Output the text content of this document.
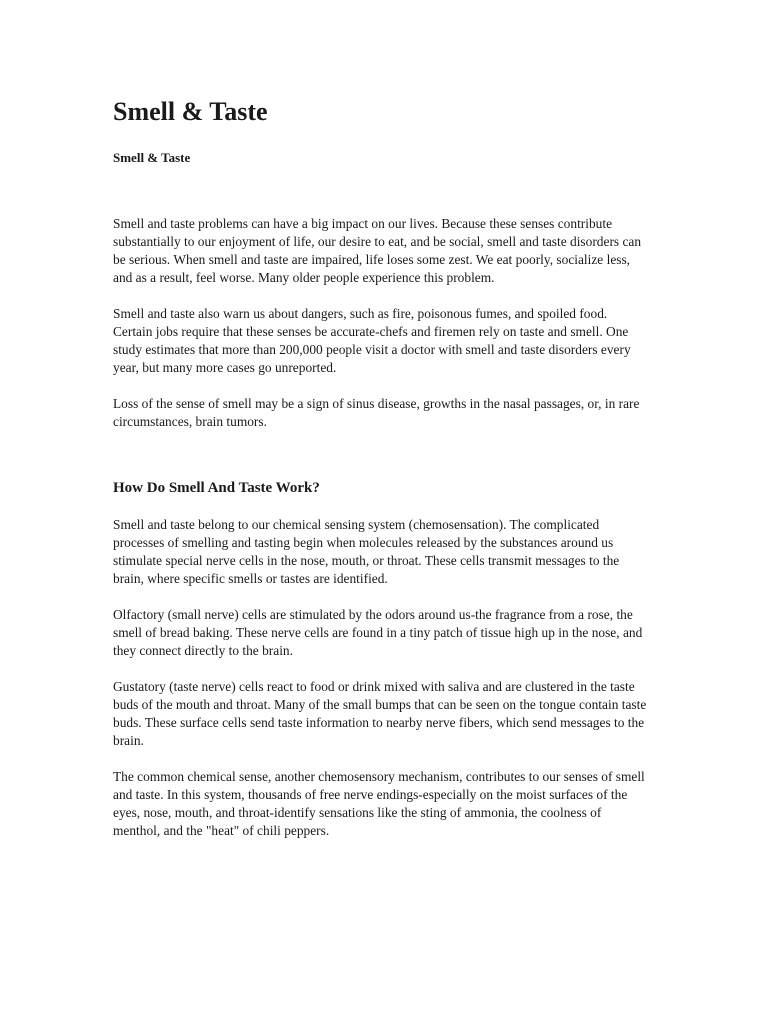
Smell & Taste

Smell & Taste

Smell and taste problems can have a big impact on our lives. Because these senses contribute substantially to our enjoyment of life, our desire to eat, and be social, smell and taste disorders can be serious. When smell and taste are impaired, life loses some zest. We eat poorly, socialize less, and as a result, feel worse. Many older people experience this problem.

Smell and taste also warn us about dangers, such as fire, poisonous fumes, and spoiled food. Certain jobs require that these senses be accurate-chefs and firemen rely on taste and smell. One study estimates that more than 200,000 people visit a doctor with smell and taste disorders every year, but many more cases go unreported.

Loss of the sense of smell may be a sign of sinus disease, growths in the nasal passages, or, in rare circumstances, brain tumors.

How Do Smell And Taste Work?

Smell and taste belong to our chemical sensing system (chemosensation). The complicated processes of smelling and tasting begin when molecules released by the substances around us stimulate special nerve cells in the nose, mouth, or throat. These cells transmit messages to the brain, where specific smells or tastes are identified.

Olfactory (small nerve) cells are stimulated by the odors around us-the fragrance from a rose, the smell of bread baking. These nerve cells are found in a tiny patch of tissue high up in the nose, and they connect directly to the brain.

Gustatory (taste nerve) cells react to food or drink mixed with saliva and are clustered in the taste buds of the mouth and throat. Many of the small bumps that can be seen on the tongue contain taste buds. These surface cells send taste information to nearby nerve fibers, which send messages to the brain.

The common chemical sense, another chemosensory mechanism, contributes to our senses of smell and taste. In this system, thousands of free nerve endings-especially on the moist surfaces of the eyes, nose, mouth, and throat-identify sensations like the sting of ammonia, the coolness of menthol, and the "heat" of chili peppers.
